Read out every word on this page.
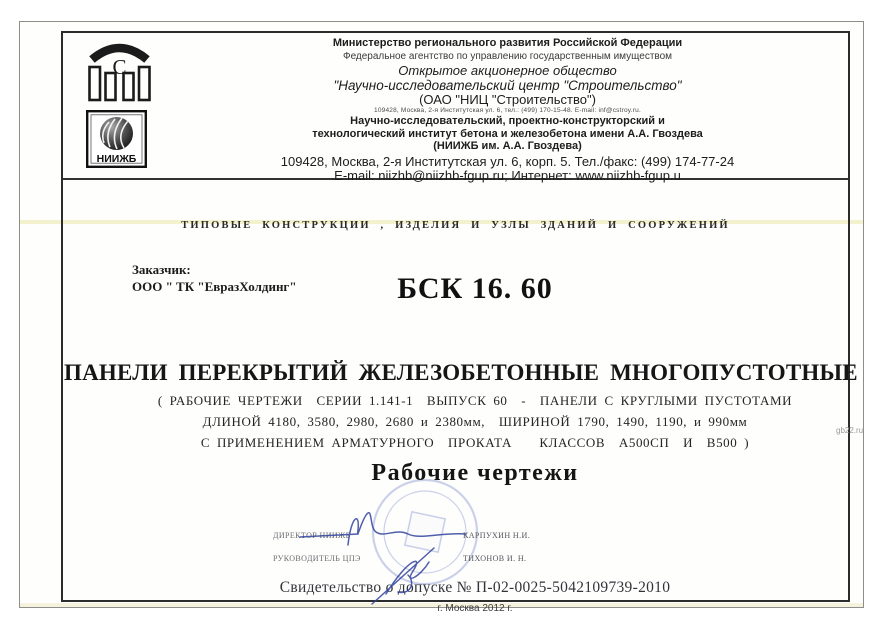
С
НИИЖБ
Министерство регионального развития Российской Федерации
Федеральное агентство по управлению государственным имуществом
Открытое акционерное общество
"Научно-исследовательский центр "Строительство"
(ОАО "НИЦ "Строительство")
109428, Москва, 2-я Институтская ул. 6, тел.: (499) 170-15-48. E-mail: inf@cstroy.ru.
Научно-исследовательский, проектно-конструкторский и
технологический институт бетона и железобетона имени А.А. Гвоздева
(НИИЖБ им. А.А. Гвоздева)
109428, Москва, 2-я Институтская ул. 6, корп. 5. Тел./факс: (499) 174-77-24
E-mail: niizhb@niizhb-fgup.ru; Интернет: www.niizhb-fgup.u
ТИПОВЫЕ КОНСТРУКЦИИ , ИЗДЕЛИЯ И УЗЛЫ ЗДАНИЙ И СООРУЖЕНИЙ
Заказчик:
ООО " ТК "ЕвразХолдинг"	БСК 16. 60
ПАНЕЛИ ПЕРЕКРЫТИЙ ЖЕЛЕЗОБЕТОННЫЕ МНОГОПУСТОТНЫЕ
( РАБОЧИЕ ЧЕРТЕЖИ  СЕРИИ 1.141-1  ВЫПУСК 60  -  ПАНЕЛИ С КРУГЛЫМИ ПУСТОТАМИ
ДЛИНОЙ 4180, 3580, 2980, 2680 и 2380мм,  ШИРИНОЙ 1790, 1490, 1190, и 990мм
С ПРИМЕНЕНИЕМ АРМАТУРНОГО  ПРОКАТА    КЛАССОВ  А500СП  И  В500 )
Рабочие чертежи
ДИРЕКТОР НИИЖБ	КАРПУХИН Н.И.
РУКОВОДИТЕЛЬ ЦПЭ	ТИХОНОВ И. Н.
Свидетельство о допуске № П-02-0025-5042109739-2010
г. Москва 2012 г.
gb22.ru
